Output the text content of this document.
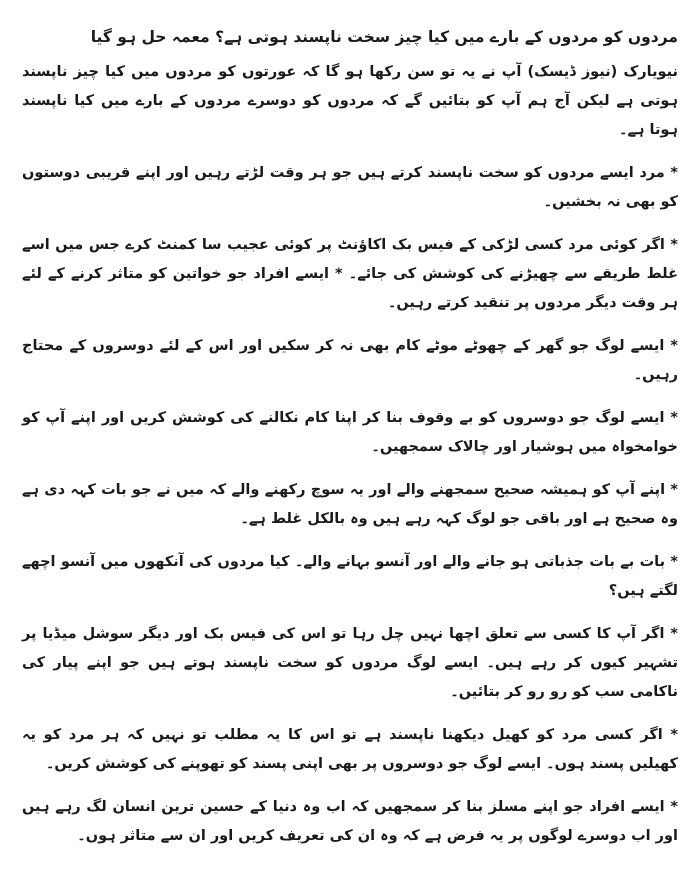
مردوں کو مردوں کے بارے میں کیا چیز سخت ناپسند ہوتی ہے؟ معمہ حل ہو گیا

نیویارک (نیوز ڈیسک) آپ نے یہ تو سن رکھا ہو گا کہ عورتوں کو مردوں میں کیا چیز ناپسند ہوتی ہے لیکن آج ہم آپ کو بتائیں گے کہ مردوں کو دوسرے مردوں کے بارے میں کیا ناپسند ہوتا ہے۔

* مرد ایسے مردوں کو سخت ناپسند کرتے ہیں جو ہر وقت لڑتے رہیں اور اپنے قریبی دوستوں کو بھی نہ بخشیں۔

* اگر کوئی مرد کسی لڑکی کے فیس بک اکاﺅنٹ پر کوئی عجیب سا کمنٹ کرے جس میں اسے غلط طریقے سے چھیڑنے کی کوشش کی جائے۔ * ایسے افراد جو خواتین کو متاثر کرنے کے لئے ہر وقت دیگر مردوں پر تنقید کرتے رہیں۔

* ایسے لوگ جو گھر کے چھوٹے موٹے کام بھی نہ کر سکیں اور اس کے لئے دوسروں کے محتاج رہیں۔

* ایسے لوگ جو دوسروں کو بے وقوف بنا کر اپنا کام نکالنے کی کوشش کریں اور اپنے آپ کو خوامخواہ میں ہوشیار اور چالاک سمجھیں۔

* اپنے آپ کو ہمیشہ صحیح سمجھنے والے اور یہ سوچ رکھنے والے کہ میں نے جو بات کہہ دی ہے وہ صحیح ہے اور باقی جو لوگ کہہ رہے ہیں وہ بالکل غلط ہے۔

* بات بے بات جذباتی ہو جانے والے اور آنسو بہانے والے۔ کیا مردوں کی آنکھوں میں آنسو اچھے لگتے ہیں؟

* اگر آپ کا کسی سے تعلق اچھا نہیں چل رہا تو اس کی فیس بک اور دیگر سوشل میڈیا پر تشہیر کیوں کر رہے ہیں۔ ایسے لوگ مردوں کو سخت ناپسند ہوتے ہیں جو اپنے پیار کی ناکامی سب کو رو رو کر بتائیں۔

* اگر کسی مرد کو کھیل دیکھنا ناپسند ہے تو اس کا یہ مطلب تو نہیں کہ ہر مرد کو یہ کھیلیں پسند ہوں۔ ایسے لوگ جو دوسروں پر بھی اپنی پسند کو تھوپنے کی کوشش کریں۔

* ایسے افراد جو اپنے مسلز بنا کر سمجھیں کہ اب وہ دنیا کے حسین ترین انسان لگ رہے ہیں اور اب دوسرے لوگوں پر یہ فرض ہے کہ وہ ان کی تعریف کریں اور ان سے متاثر ہوں۔
